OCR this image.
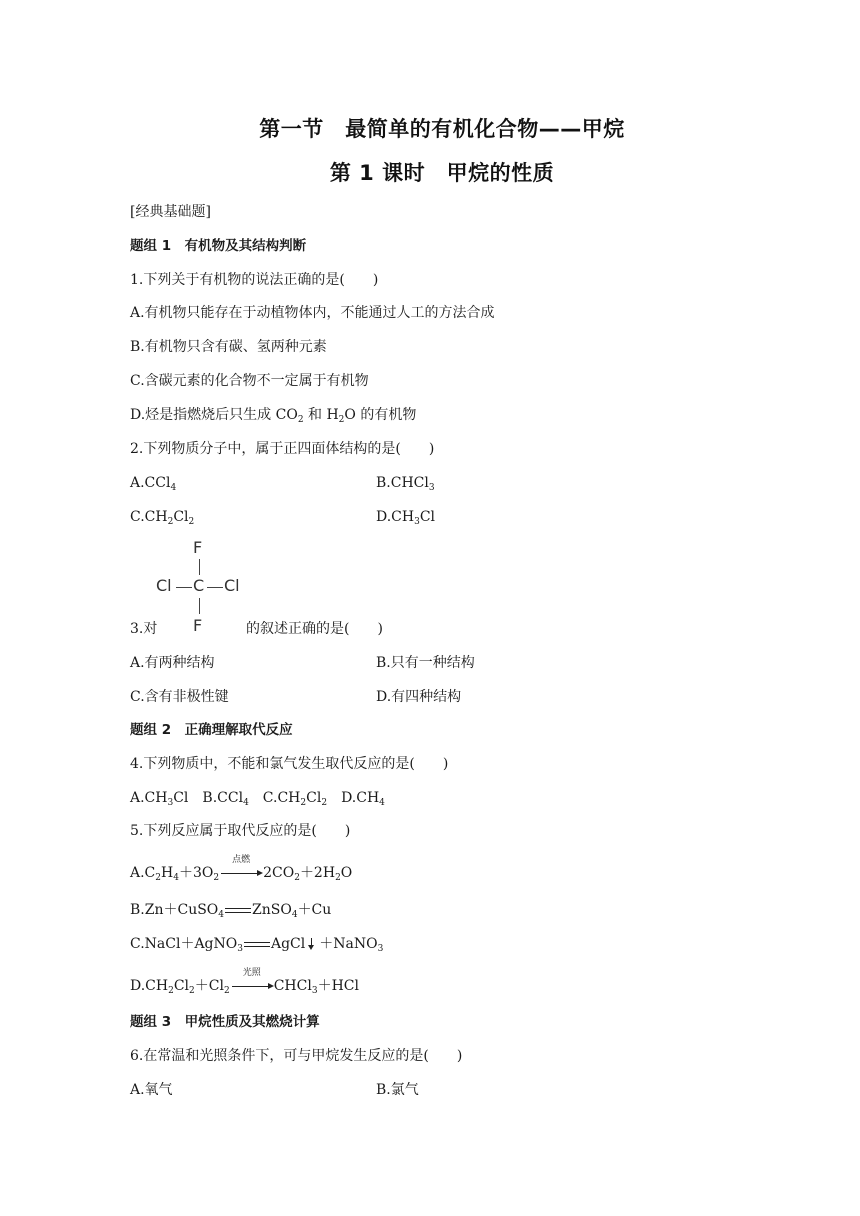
第一节　最简单的有机化合物——甲烷
第 1 课时　甲烷的性质
[经典基础题]
题组 1　有机物及其结构判断
1.下列关于有机物的说法正确的是(　　)
A.有机物只能存在于动植物体内，不能通过人工的方法合成
B.有机物只含有碳、氢两种元素
C.含碳元素的化合物不一定属于有机物
D.烃是指燃烧后只生成 $CO_2$ 和 $H_2O$ 的有机物
2.下列物质分子中，属于正四面体结构的是(　　)
A.CCl$_4$	B.CHCl$_3$
$C.CH_2Cl_2$	$D.CH_3Cl$
F
Cl C Cl
F
3.对	的叙述正确的是(　　)
A.有两种结构	B.只有一种结构
C.含有非极性键	D.有四种结构
题组 2　正确理解取代反应
4.下列物质中，不能和氯气发生取代反应的是(　　)
$A.CH_3Cl$  B.CCl$_4$  $C.CH_2Cl_2$  $D.CH_4$
5.下列反应属于取代反应的是(　　)
$A.C_2H_4+3O_2$
点燃
$2CO_2+2H_2O$
B.Zn＋CuSO$_4$ ZnSO$_4$＋Cu
C.NaCl＋AgNO$_3$ AgCl ＋NaNO$_3$
$D.CH_2Cl_2+Cl_2$
光照
CHCl$_3$＋HCl
题组 3　甲烷性质及其燃烧计算
6.在常温和光照条件下，可与甲烷发生反应的是(　　)
A.氧气	B.氯气
